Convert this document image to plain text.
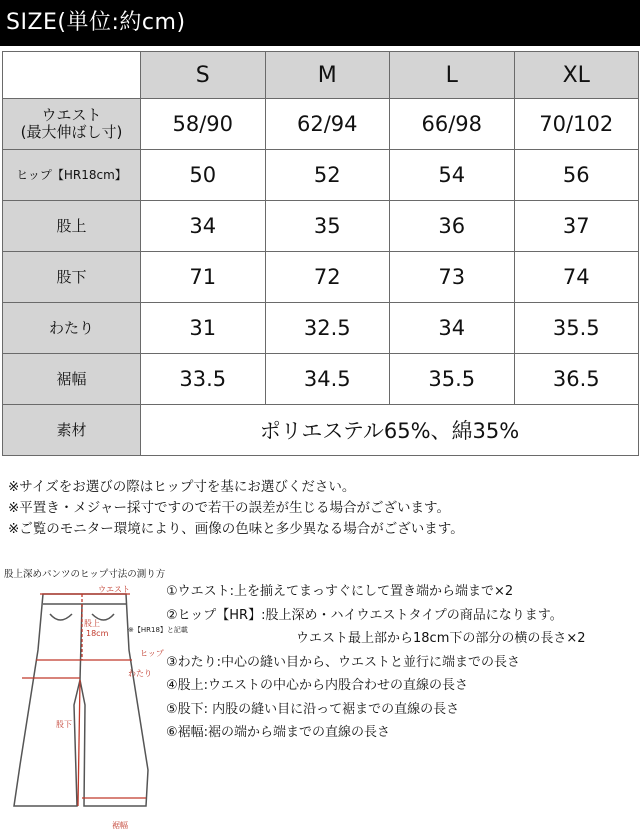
SIZE(単位:約cm)
	S	M	L	XL
ウエスト
(最大伸ばし寸)	58/90	62/94	66/98	70/102
ヒップ【HR18cm】	50	52	54	56
股上	34	35	36	37
股下	71	72	73	74
わたり	31	32.5	34	35.5
裾幅	33.5	34.5	35.5	36.5
素材	ポリエステル65%、綿35%			
※サイズをお選びの際はヒップ寸を基にお選びください。
※平置き・メジャー採寸ですので若干の誤差が生じる場合がございます。
※ご覧のモニター環境により、画像の色味と多少異なる場合がございます。
股上深めパンツのヒップ寸法の測り方
ウエスト
股上
18cm	※【HR18】と記載
ヒップ
わたり
股下
裾幅
①ウエスト:上を揃えてまっすぐにして置き端から端まで×2
②ヒップ【HR】:股上深め・ハイウエストタイプの商品になります。
ウエスト最上部から18cm下の部分の横の長さ×2
③わたり:中心の縫い目から、ウエストと並行に端までの長さ
④股上:ウエストの中心から内股合わせの直線の長さ
⑤股下: 内股の縫い目に沿って裾までの直線の長さ
⑥裾幅:裾の端から端までの直線の長さ
